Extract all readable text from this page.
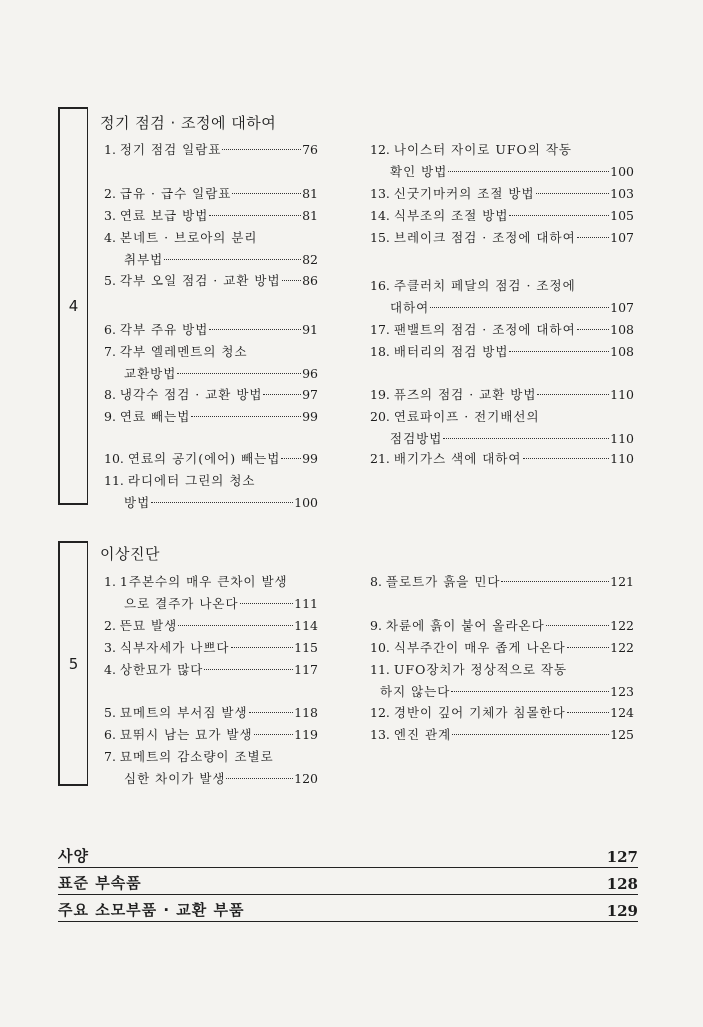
4
정기 점검 · 조정에 대하여
1.
정기 점검 일람표	76
2.
급유 · 급수 일람표	81
3.
연료 보급 방법	81
4.
본네트 · 브로아의 분리
취부법	82
5.
각부 오일 점검 · 교환 방법 86
6.
각부 주유 방법	91
7.
각부 엘레멘트의 청소
교환방법	96
8.
냉각수 점검 · 교환 방법	97
9.
연료 빼는법	99
10.
연료의 공기(에어) 빼는법 99
11.
라디에터 그린의 청소
방법	100
12.
나이스터 자이로 UFO의 작동
확인 방법	100
13.
신굿기마커의 조절 방법	103
14.
식부조의 조절 방법	105
15.
브레이크 점검 · 조정에 대하여	107
16.
주클러치 페달의 점검 · 조정에
대하여	107
17.
팬밸트의 점검 · 조정에 대하여	108
18.
배터리의 점검 방법	108
19.
퓨즈의 점검 · 교환 방법	110
20.
연료파이프 · 전기배선의
점검방법	110
21.
배기가스 색에 대하여	110
5
이상진단
1.
1주본수의 매우 큰차이 발생
으로 결주가 나온다	111
2.
뜬묘 발생	114
3.
식부자세가 나쁘다	115
4.
상한묘가 많다	117
5.
묘메트의 부서짐 발생	118
6.
묘뛰시 남는 묘가 발생	119
7.
묘메트의 감소량이 조별로
심한 차이가 발생	120
8.
플로트가 흙을 민다	121
9.
차륜에 흙이 붙어 올라온다	122
10.
식부주간이 매우 좁게 나온다	122
11.
UFO장치가 정상적으로 작동
하지 않는다	123
12.
경반이 깊어 기체가 침몰한다	124
13.
엔진 관계	125
사양	127
표준 부속품	128
주요 소모부품 · 교환 부품	129
